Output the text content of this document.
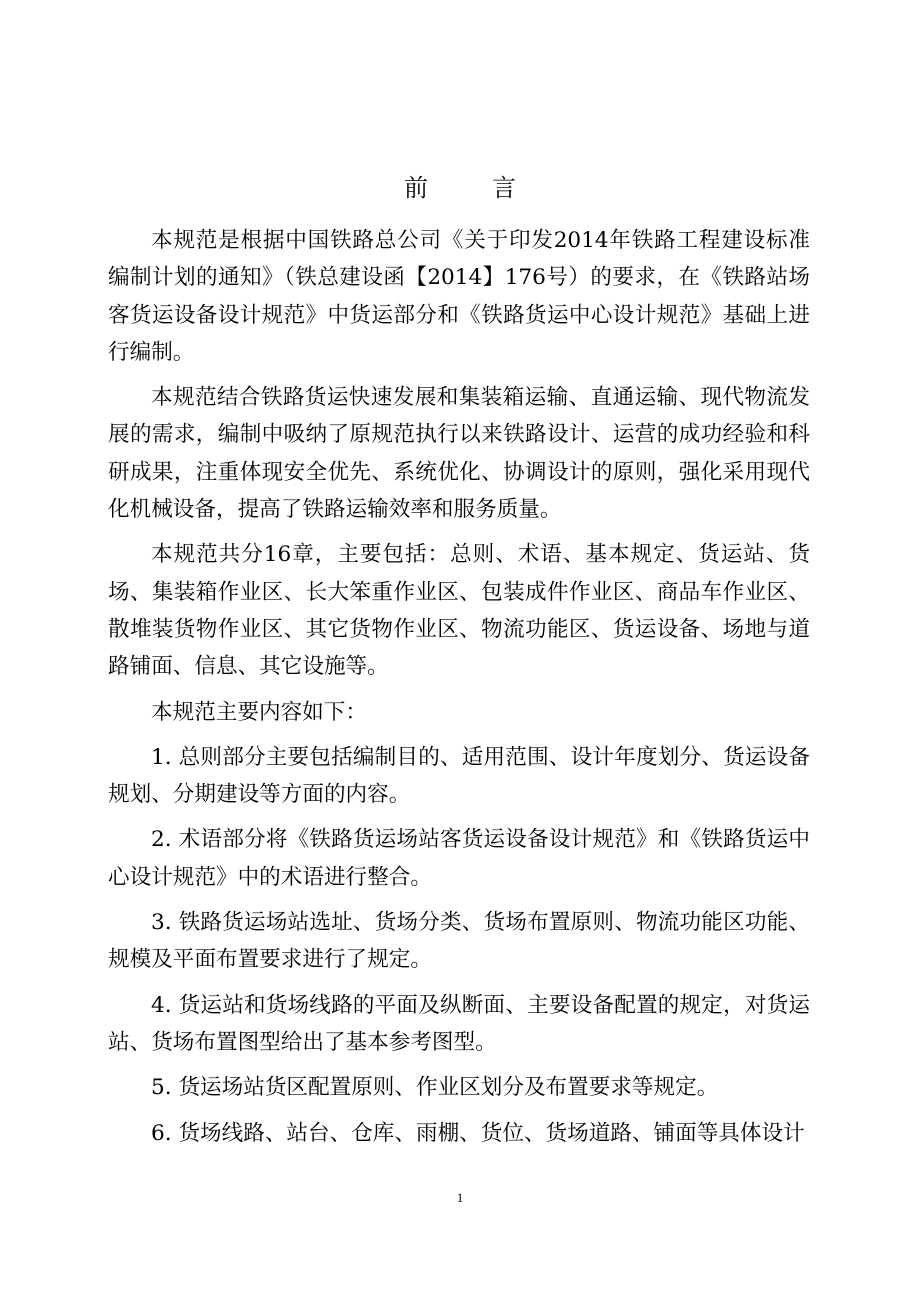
前	言

本规范是根据中国铁路总公司《关于印发2014年铁路工程建设标准编制计划的通知》（铁总建设函【2014】176号）的要求，在《铁路站场客货运设备设计规范》中货运部分和《铁路货运中心设计规范》基础上进行编制。

本规范结合铁路货运快速发展和集装箱运输、直通运输、现代物流发展的需求，编制中吸纳了原规范执行以来铁路设计、运营的成功经验和科研成果，注重体现安全优先、系统优化、协调设计的原则，强化采用现代化机械设备，提高了铁路运输效率和服务质量。

本规范共分16章，主要包括：总则、术语、基本规定、货运站、货场、集装箱作业区、长大笨重作业区、包装成件作业区、商品车作业区、散堆装货物作业区、其它货物作业区、物流功能区、货运设备、场地与道路铺面、信息、其它设施等。

本规范主要内容如下：

1. 总则部分主要包括编制目的、适用范围、设计年度划分、货运设备规划、分期建设等方面的内容。

2. 术语部分将《铁路货运场站客货运设备设计规范》和《铁路货运中心设计规范》中的术语进行整合。

3. 铁路货运场站选址、货场分类、货场布置原则、物流功能区功能、规模及平面布置要求进行了规定。

4. 货运站和货场线路的平面及纵断面、主要设备配置的规定，对货运站、货场布置图型给出了基本参考图型。

5. 货运场站货区配置原则、作业区划分及布置要求等规定。

6. 货场线路、站台、仓库、雨棚、货位、货场道路、铺面等具体设计

1
